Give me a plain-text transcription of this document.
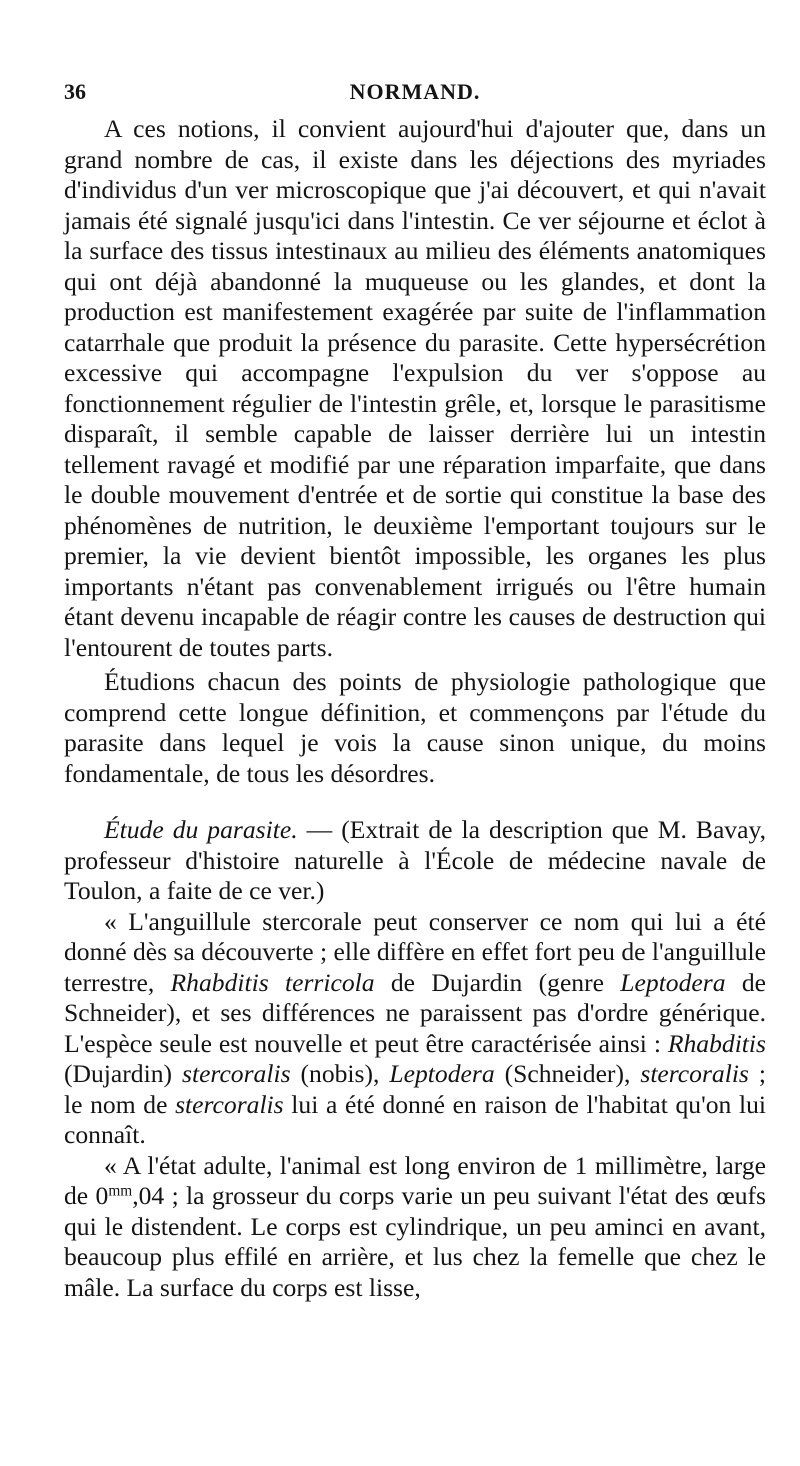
36	NORMAND.

A ces notions, il convient aujourd'hui d'ajouter que, dans un grand nombre de cas, il existe dans les déjections des myriades d'individus d'un ver microscopique que j'ai découvert, et qui n'avait jamais été signalé jusqu'ici dans l'intestin. Ce ver séjourne et éclot à la surface des tissus intestinaux au milieu des éléments anatomiques qui ont déjà abandonné la muqueuse ou les glandes, et dont la production est manifestement exagérée par suite de l'inflammation catarrhale que produit la présence du parasite. Cette hypersécrétion excessive qui accompagne l'expulsion du ver s'oppose au fonctionnement régulier de l'intestin grêle, et, lorsque le parasitisme disparaît, il semble capable de laisser derrière lui un intestin tellement ravagé et modifié par une réparation imparfaite, que dans le double mouvement d'entrée et de sortie qui constitue la base des phénomènes de nutrition, le deuxième l'emportant toujours sur le premier, la vie devient bientôt impossible, les organes les plus importants n'étant pas convenablement irrigués ou l'être humain étant devenu incapable de réagir contre les causes de destruction qui l'entourent de toutes parts.

Étudions chacun des points de physiologie pathologique que comprend cette longue définition, et commençons par l'étude du parasite dans lequel je vois la cause sinon unique, du moins fondamentale, de tous les désordres.

Étude du parasite. — (Extrait de la description que M. Bavay, professeur d'histoire naturelle à l'École de médecine navale de Toulon, a faite de ce ver.)

« L'anguillule stercorale peut conserver ce nom qui lui a été donné dès sa découverte ; elle diffère en effet fort peu de l'anguillule terrestre, Rhabditis terricola de Dujardin (genre Leptodera de Schneider), et ses différences ne paraissent pas d'ordre générique. L'espèce seule est nouvelle et peut être caractérisée ainsi : Rhabditis (Dujardin) stercoralis (nobis), Leptodera (Schneider), stercoralis ; le nom de stercoralis lui a été donné en raison de l'habitat qu'on lui connaît.

« A l'état adulte, l'animal est long environ de 1 millimètre, large de $0^{mm},04$ ; la grosseur du corps varie un peu suivant l'état des œufs qui le distendent. Le corps est cylindrique, un peu aminci en avant, beaucoup plus effilé en arrière, et lus chez la femelle que chez le mâle. La surface du corps est lisse,
